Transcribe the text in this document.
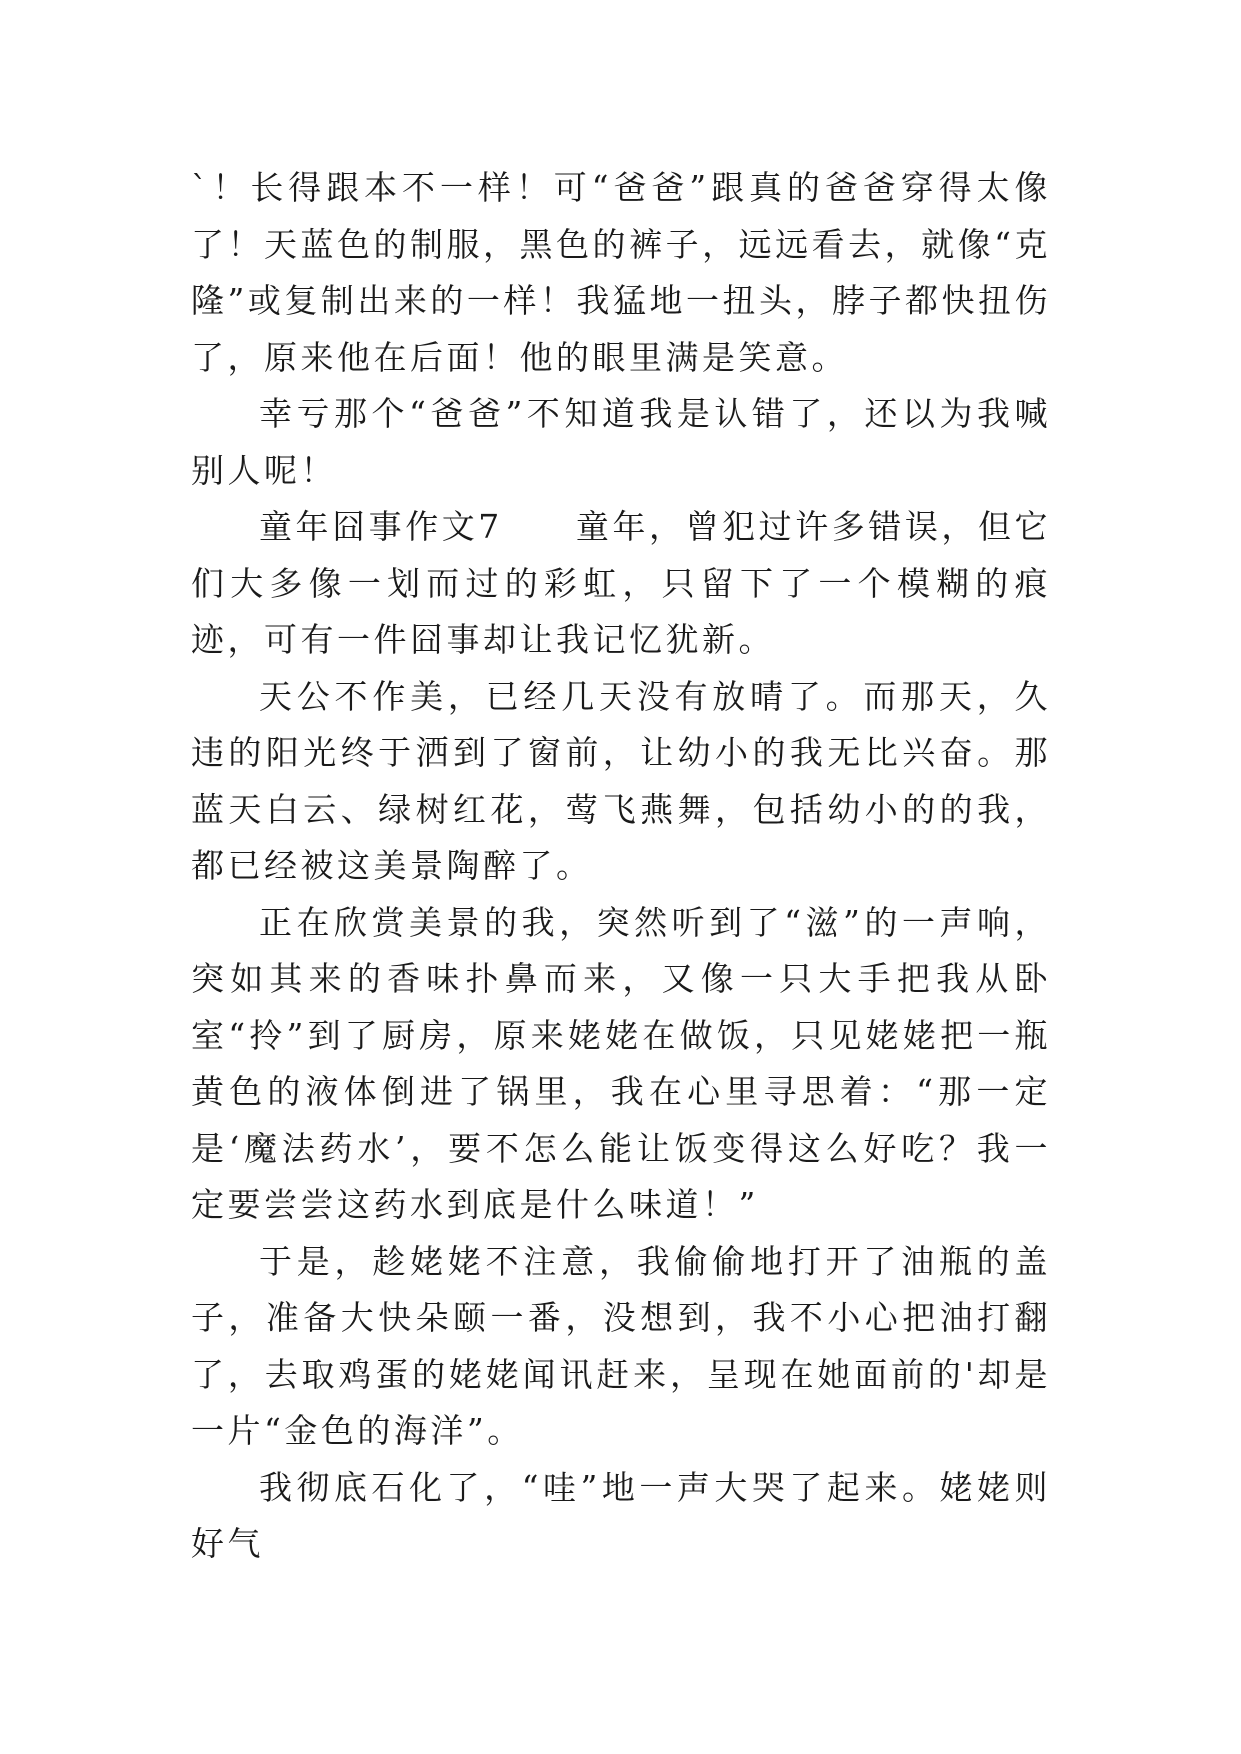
`！长得跟本不一样！可“爸爸”跟真的爸爸穿得太像了！天蓝色的制服，黑色的裤子，远远看去，就像“克隆”或复制出来的一样！我猛地一扭头，脖子都快扭伤了，原来他在后面！他的眼里满是笑意。

幸亏那个“爸爸”不知道我是认错了，还以为我喊别人呢！

童年囧事作文7　　童年，曾犯过许多错误，但它们大多像一划而过的彩虹，只留下了一个模糊的痕迹，可有一件囧事却让我记忆犹新。

天公不作美，已经几天没有放晴了。而那天，久违的阳光终于洒到了窗前，让幼小的我无比兴奋。那蓝天白云、绿树红花，莺飞燕舞，包括幼小的的我，都已经被这美景陶醉了。

正在欣赏美景的我，突然听到了“滋”的一声响，突如其来的香味扑鼻而来，又像一只大手把我从卧室“拎”到了厨房，原来姥姥在做饭，只见姥姥把一瓶黄色的液体倒进了锅里，我在心里寻思着：“那一定是‘魔法药水’，要不怎么能让饭变得这么好吃？我一定要尝尝这药水到底是什么味道！”

于是，趁姥姥不注意，我偷偷地打开了油瓶的盖子，准备大快朵颐一番，没想到，我不小心把油打翻了，去取鸡蛋的姥姥闻讯赶来，呈现在她面前的'却是一片“金色的海洋”。

我彻底石化了，“哇”地一声大哭了起来。姥姥则好气
